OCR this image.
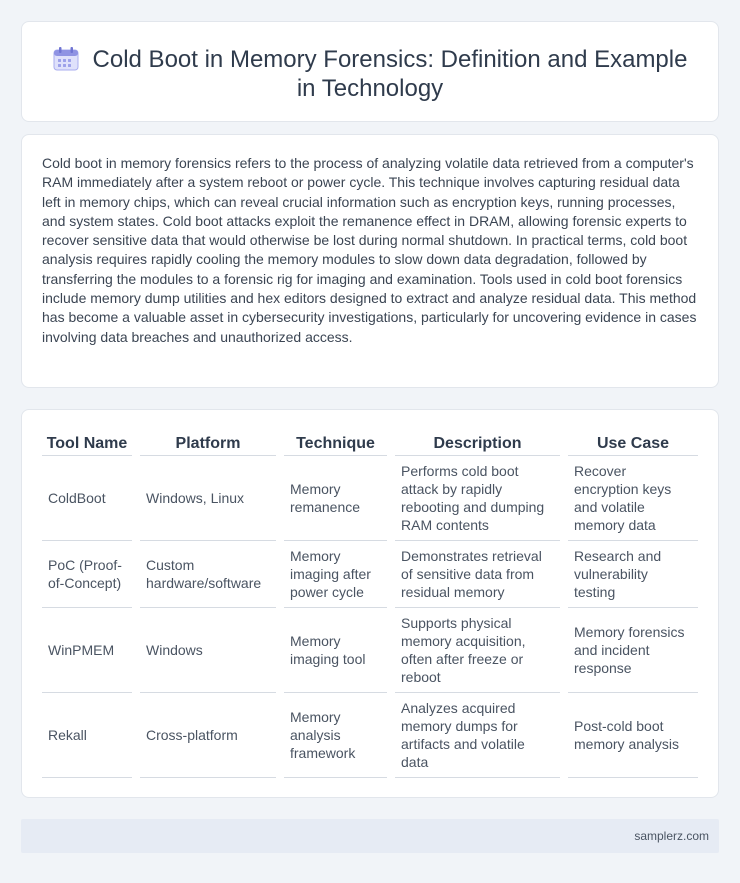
Cold Boot in Memory Forensics: Definition and Example
in Technology

Cold boot in memory forensics refers to the process of analyzing volatile data retrieved from a computer's RAM immediately after a system reboot or power cycle. This technique involves capturing residual data left in memory chips, which can reveal crucial information such as encryption keys, running processes, and system states. Cold boot attacks exploit the remanence effect in DRAM, allowing forensic experts to recover sensitive data that would otherwise be lost during normal shutdown. In practical terms, cold boot analysis requires rapidly cooling the memory modules to slow down data degradation, followed by transferring the modules to a forensic rig for imaging and examination. Tools used in cold boot forensics include memory dump utilities and hex editors designed to extract and analyze residual data. This method has become a valuable asset in cybersecurity investigations, particularly for uncovering evidence in cases involving data breaches and unauthorized access.

Tool Name	Platform	Technique	Description	Use Case
ColdBoot	Windows, Linux	Memory remanence	Performs cold boot attack by rapidly rebooting and dumping RAM contents	Recover encryption keys and volatile memory data
PoC (Proof-of-Concept)	Custom hardware/software	Memory imaging after power cycle	Demonstrates retrieval of sensitive data from residual memory	Research and vulnerability testing
WinPMEM	Windows	Memory imaging tool	Supports physical memory acquisition, often after freeze or reboot	Memory forensics and incident response
Rekall	Cross-platform	Memory analysis framework	Analyzes acquired memory dumps for artifacts and volatile data	Post-cold boot memory analysis
samplerz.com
